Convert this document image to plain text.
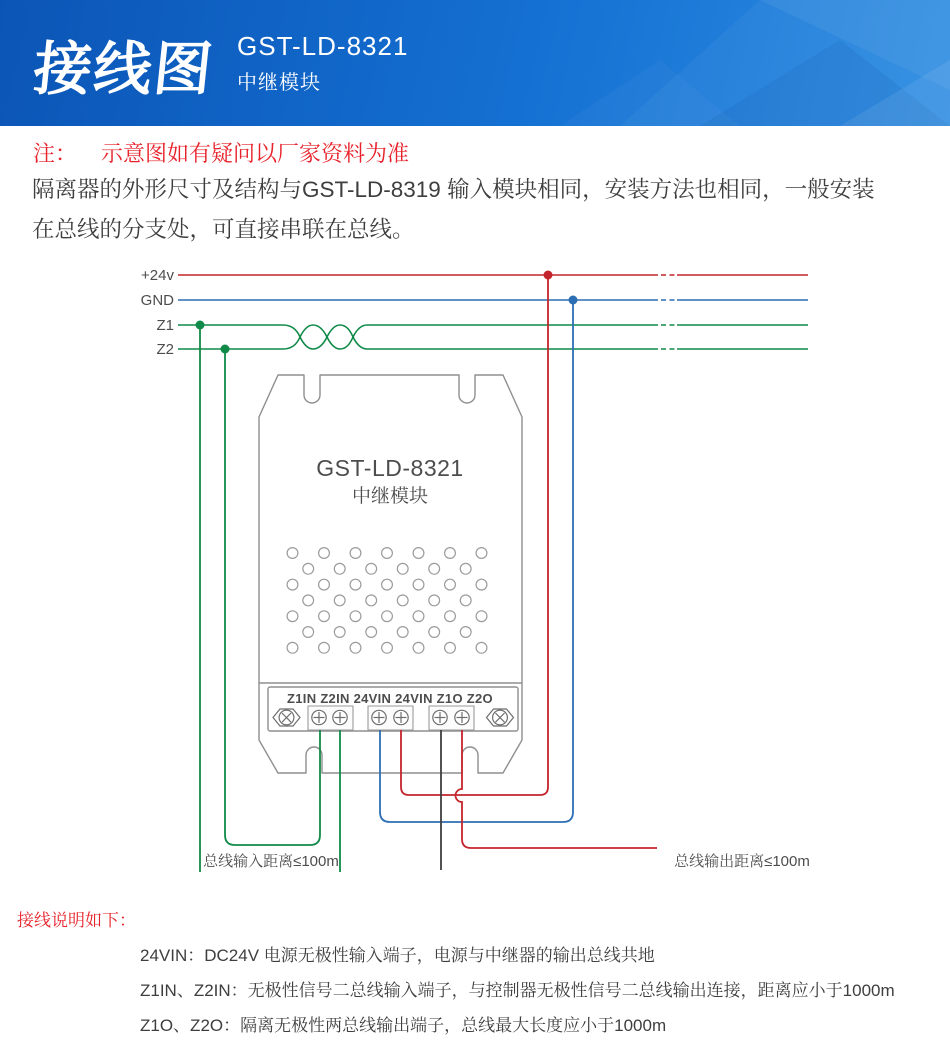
接线图 GST-LD-8321
中继模块
注： 示意图如有疑问以厂家资料为准
隔离器的外形尺寸及结构与GST-LD-8319 输入模块相同，安装方法也相同，一般安装
在总线的分支处，可直接串联在总线。
+24v
GND
Z1
Z2
GST-LD-8321
中继模块
Z1IN Z2IN 24VIN 24VIN Z1O Z2O
总线输入距离≤100m	总线输出距离≤100m
接线说明如下：
24VIN：DC24V 电源无极性输入端子，电源与中继器的输出总线共地
Z1IN、Z2IN：无极性信号二总线输入端子，与控制器无极性信号二总线输出连接，距离应小于1000m
Z1O、Z2O：隔离无极性两总线输出端子，总线最大长度应小于1000m
